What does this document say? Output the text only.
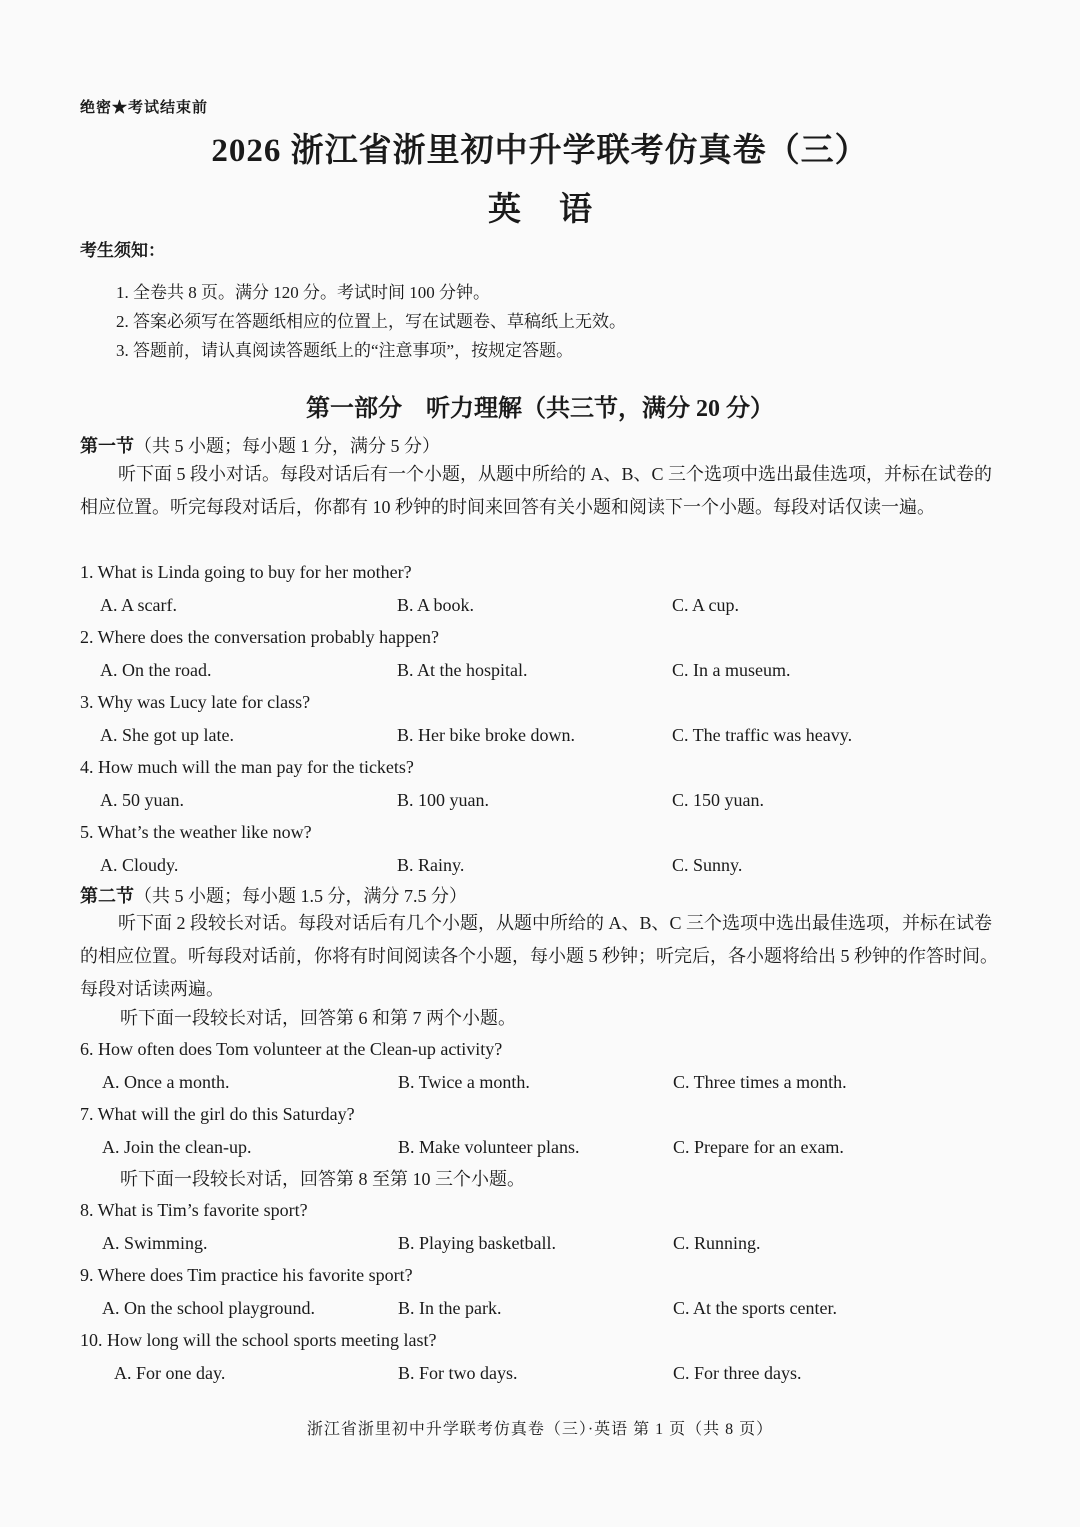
绝密★考试结束前
2026 浙江省浙里初中升学联考仿真卷（三）
英语
考生须知：
1. 全卷共 8 页。满分 120 分。考试时间 100 分钟。
2. 答案必须写在答题纸相应的位置上，写在试题卷、草稿纸上无效。
3. 答题前，请认真阅读答题纸上的“注意事项”，按规定答题。
第一部分　听力理解（共三节，满分 20 分）
第一节（共 5 小题；每小题 1 分，满分 5 分）
听下面 5 段小对话。每段对话后有一个小题，从题中所给的 A、B、C 三个选项中选出最佳选项，并标在试卷的相应位置。听完每段对话后，你都有 10 秒钟的时间来回答有关小题和阅读下一个小题。每段对话仅读一遍。
1. What is Linda going to buy for her mother?
A. A scarf.	B. A book.	C. A cup.
2. Where does the conversation probably happen?
A. On the road.	B. At the hospital.	C. In a museum.
3. Why was Lucy late for class?
A. She got up late.	B. Her bike broke down.	C. The traffic was heavy.
4. How much will the man pay for the tickets?
A. 50 yuan.	B. 100 yuan.	C. 150 yuan.
5. What’s the weather like now?
A. Cloudy.	B. Rainy.	C. Sunny.
第二节（共 5 小题；每小题 1.5 分，满分 7.5 分）
听下面 2 段较长对话。每段对话后有几个小题，从题中所给的 A、B、C 三个选项中选出最佳选项，并标在试卷的相应位置。听每段对话前，你将有时间阅读各个小题，每小题 5 秒钟；听完后，各小题将给出 5 秒钟的作答时间。每段对话读两遍。
听下面一段较长对话，回答第 6 和第 7 两个小题。
6. How often does Tom volunteer at the Clean-up activity?
A. Once a month.	B. Twice a month.	C. Three times a month.
7. What will the girl do this Saturday?
A. Join the clean-up.	B. Make volunteer plans.	C. Prepare for an exam.
听下面一段较长对话，回答第 8 至第 10 三个小题。
8. What is Tim’s favorite sport?
A. Swimming.	B. Playing basketball.	C. Running.
9. Where does Tim practice his favorite sport?
A. On the school playground.	B. In the park.	C. At the sports center.
10. How long will the school sports meeting last?
A. For one day.	B. For two days.	C. For three days.
浙江省浙里初中升学联考仿真卷（三）·英语 第 1 页（共 8 页）
